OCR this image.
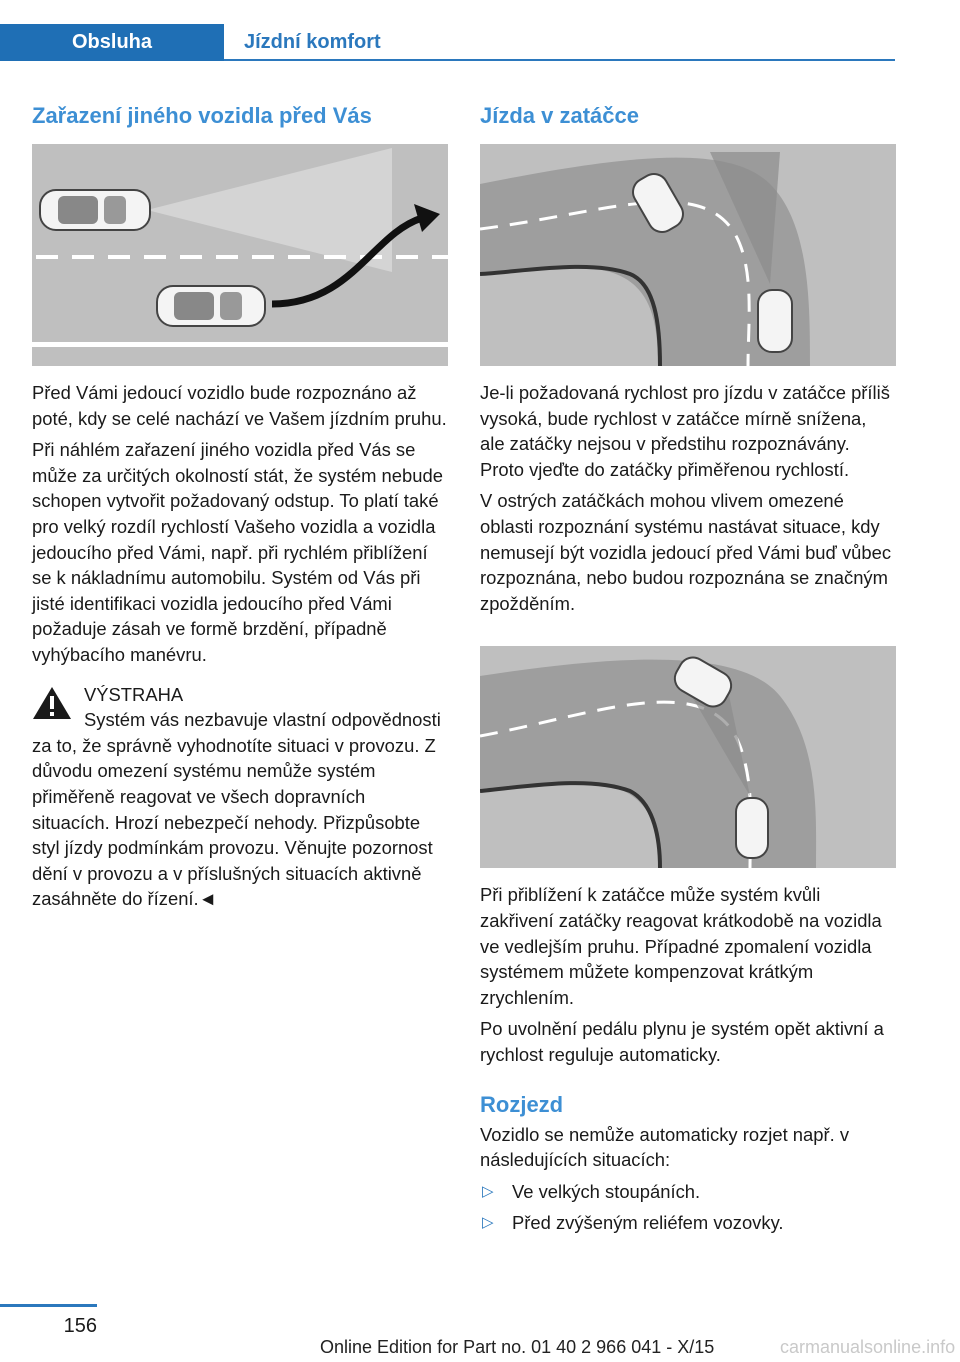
Obsluha	Jízdní komfort
Zařazení jiného vozidla před Vás

Před Vámi jedoucí vozidlo bude rozpoznáno až poté, kdy se celé nachází ve Vašem jízdním pruhu.

Při náhlém zařazení jiného vozidla před Vás se může za určitých okolností stát, že systém nebude schopen vytvořit požadovaný odstup. To platí také pro velký rozdíl rychlostí Vašeho vozidla a vozidla jedoucího před Vámi, např. při rychlém přiblížení se k nákladnímu automobilu. Systém od Vás při jisté identifikaci vozidla jedoucího před Vámi požaduje zásah ve formě brzdění, případně vyhýbacího manévru.

VÝSTRAHA

Systém vás nezbavuje vlastní odpovědnosti za to, že správně vyhodnotíte situaci v provozu. Z důvodu omezení systému nemůže systém přiměřeně reagovat ve všech dopravních situacích. Hrozí nebezpečí nehody. Přizpůsobte styl jízdy podmínkám provozu. Věnujte pozornost dění v provozu a v příslušných situacích aktivně zasáhněte do řízení.◄

Jízda v zatáčce

Je-li požadovaná rychlost pro jízdu v zatáčce příliš vysoká, bude rychlost v zatáčce mírně snížena, ale zatáčky nejsou v předstihu rozpoznávány. Proto vjeďte do zatáčky přiměřenou rychlostí.

V ostrých zatáčkách mohou vlivem omezené oblasti rozpoznání systému nastávat situace, kdy nemusejí být vozidla jedoucí před Vámi buď vůbec rozpoznána, nebo budou rozpoznána se značným zpožděním.

Při přiblížení k zatáčce může systém kvůli zakřivení zatáčky reagovat krátkodobě na vozidla ve vedlejším pruhu. Případné zpomalení vozidla systémem můžete kompenzovat krátkým zrychlením.

Po uvolnění pedálu plynu je systém opět aktivní a rychlost reguluje automaticky.

Rozjezd

Vozidlo se nemůže automaticky rozjet např. v následujících situacích:

▷ Ve velkých stoupáních.
▷ Před zvýšeným reliéfem vozovky.
156
Online Edition for Part no. 01 40 2 966 041 - X/15	carmanualsonline.info
